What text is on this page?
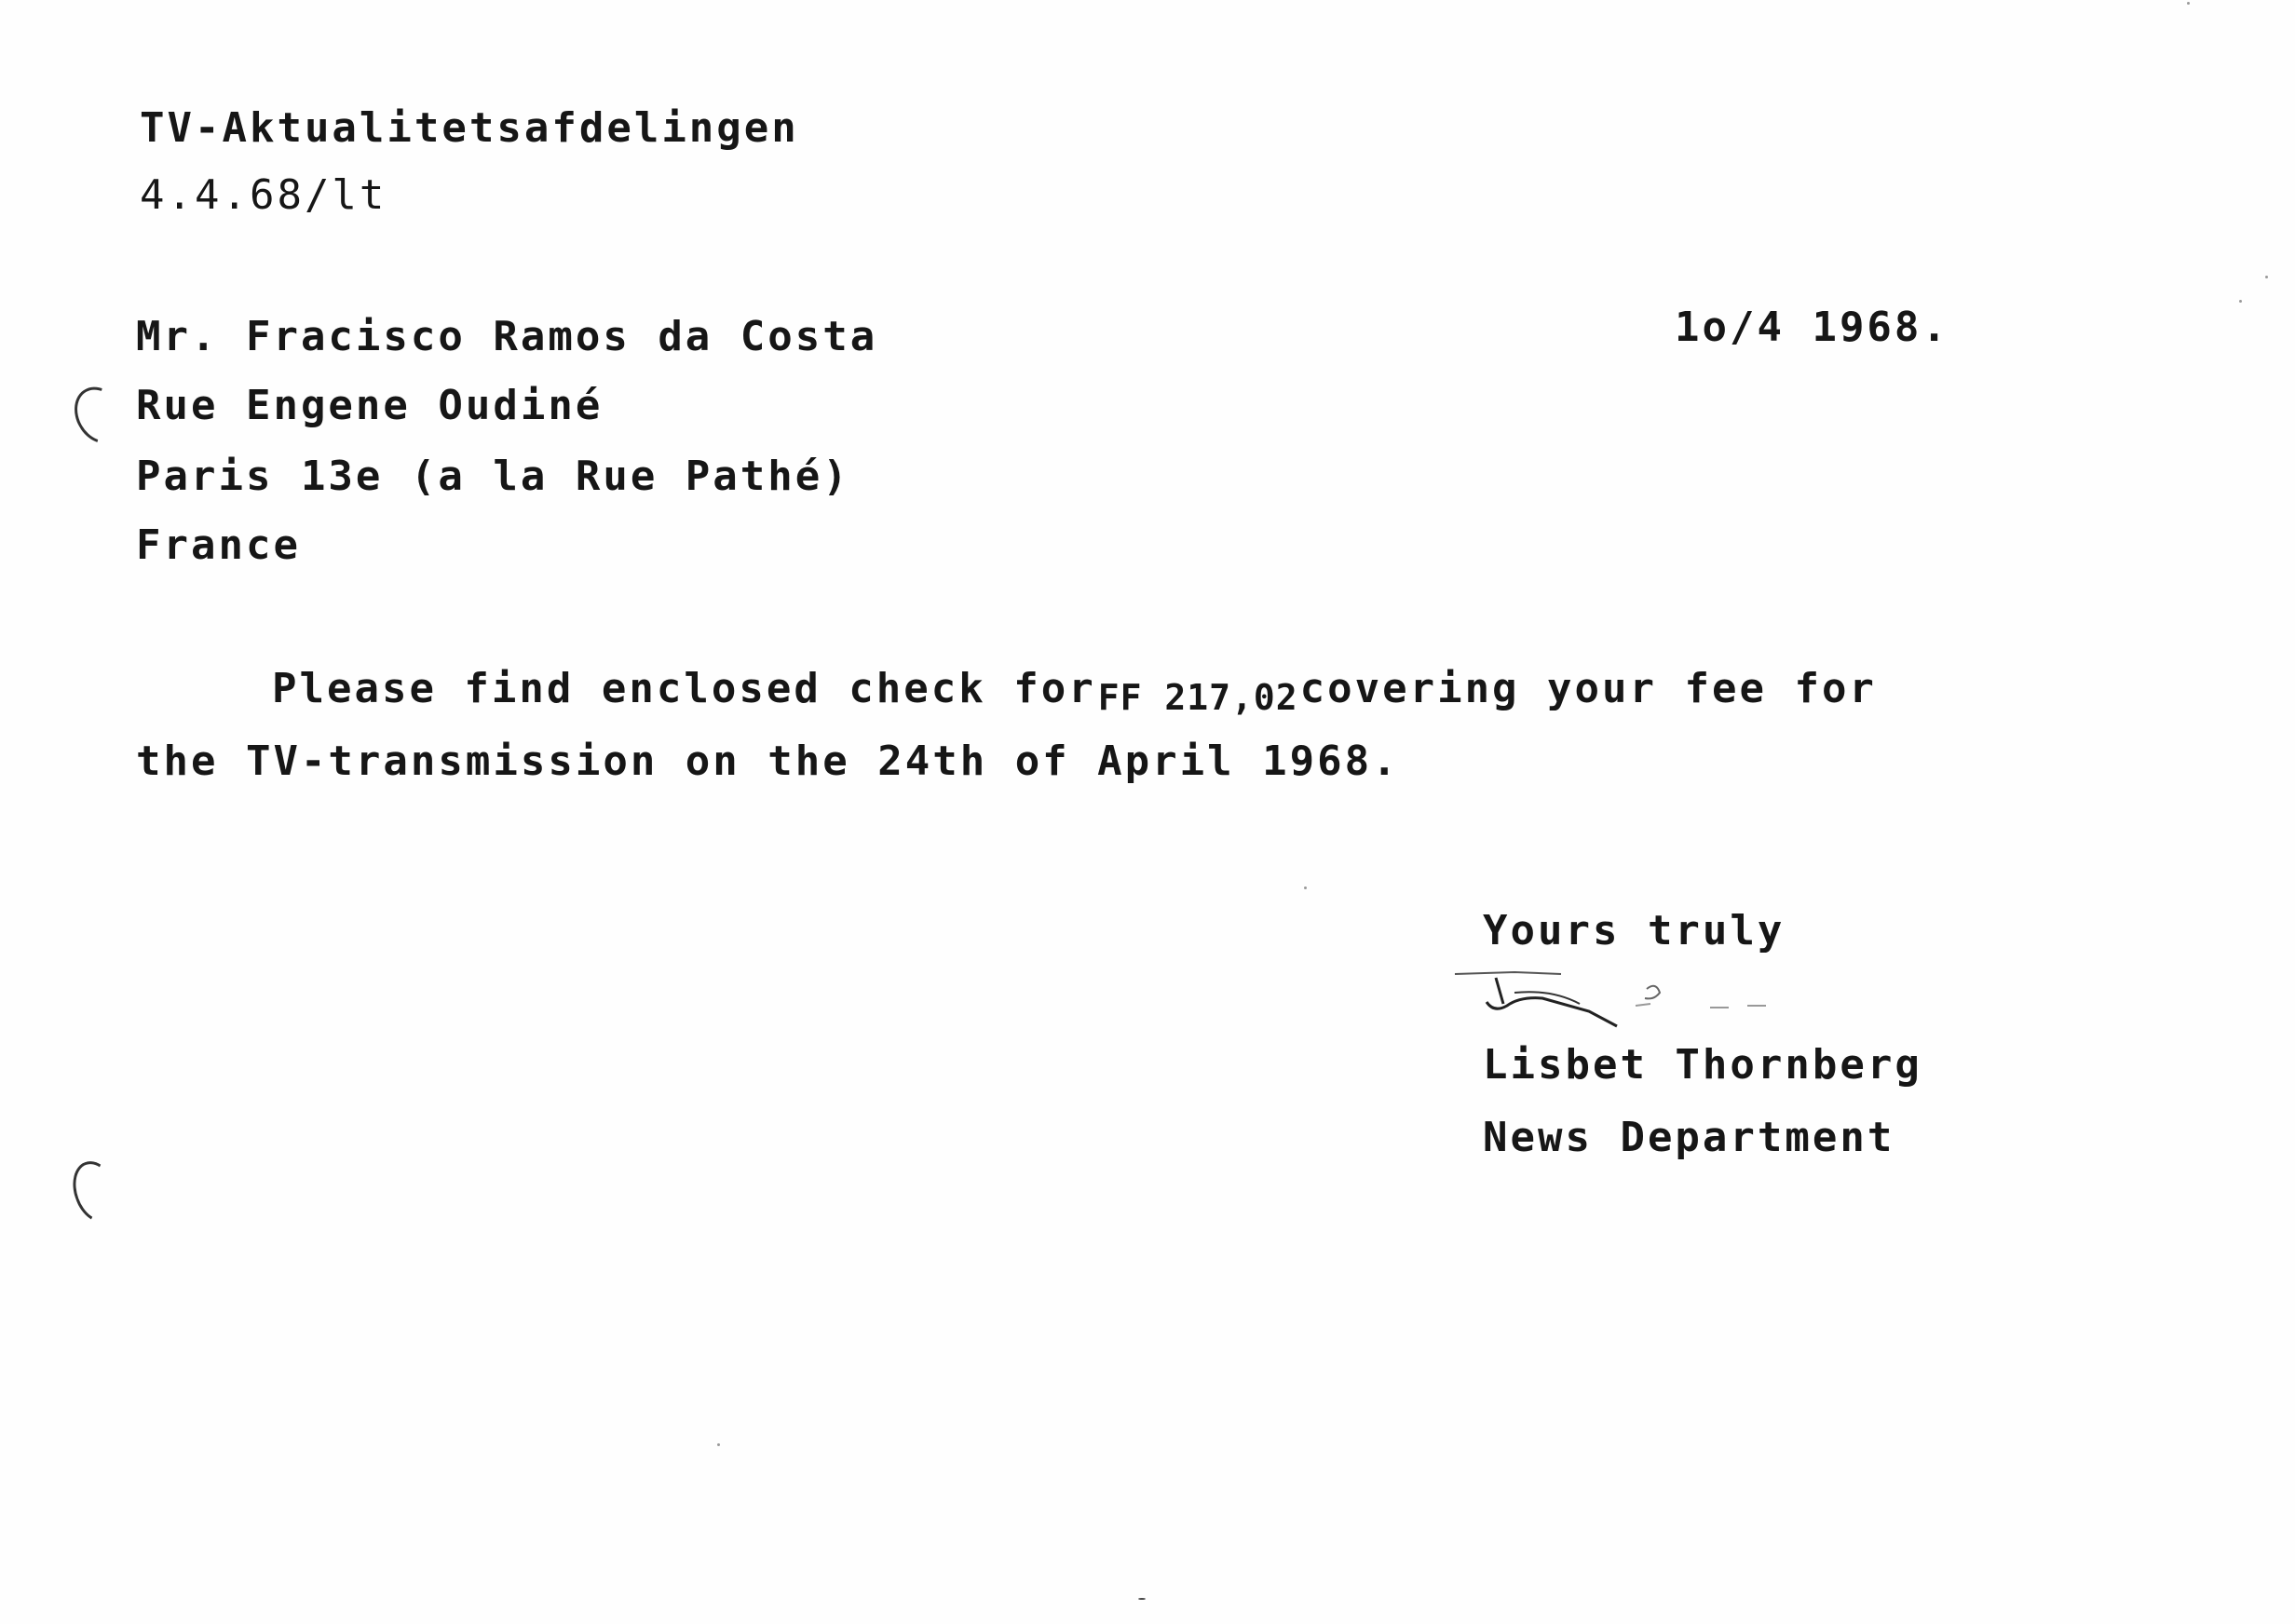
TV-Aktualitetsafdelingen
4.4.68/lt
1o/4 1968.
Mr. Fracisco Ramos da Costa
Rue Engene Oudiné
Paris 13e (a la Rue Pathé)
France
Please find enclosed check forFF 217,02covering your fee for
the TV-transmission on the 24th of April 1968.
Yours truly
Lisbet Thornberg
News Department
